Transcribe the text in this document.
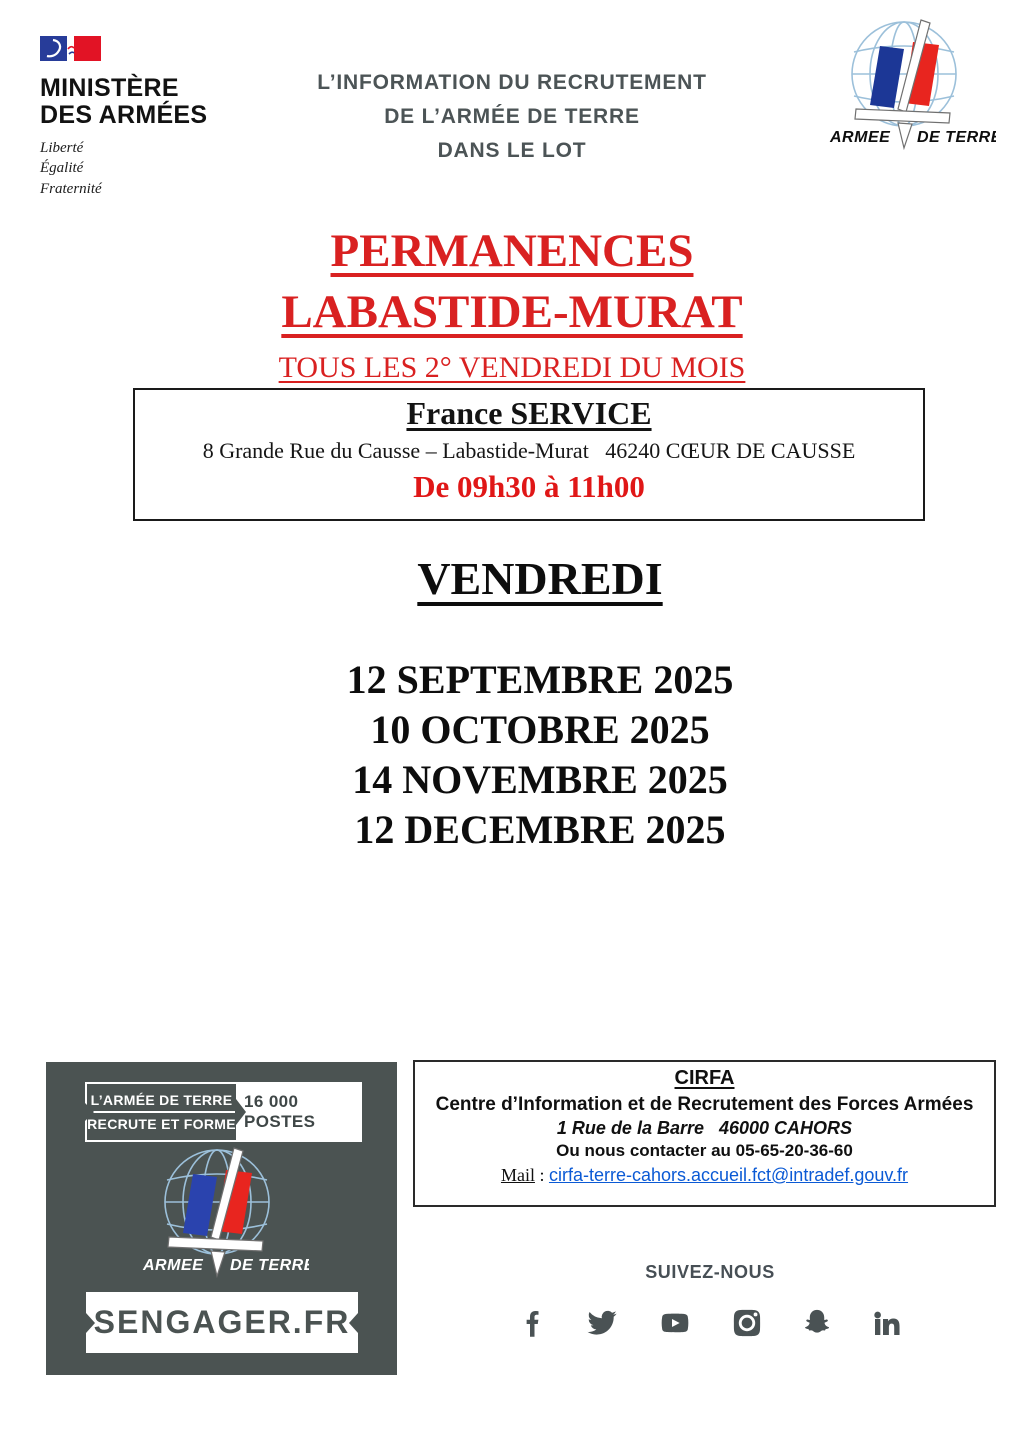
MINISTÈRE
DES ARMÉES
Liberté
Égalité
Fraternité
L’INFORMATION DU RECRUTEMENT
DE L’ARMÉE DE TERRE
DANS LE LOT
ARMEE DE TERRE
PERMANENCES
LABASTIDE-MURAT
TOUS LES 2° VENDREDI DU MOIS
France SERVICE
8 Grande Rue du Causse – Labastide-Murat   46240 CŒUR DE CAUSSE
De 09h30 à 11h00
VENDREDI
12 SEPTEMBRE 2025
10 OCTOBRE 2025
14 NOVEMBRE 2025
12 DECEMBRE 2025
L’ARMÉE DE TERRE
RECRUTE ET FORME
16 000 POSTES
ARMEE DE TERRE
SENGAGER.FR
CIRFA
Centre d’Information et de Recrutement des Forces Armées
1 Rue de la Barre   46000 CAHORS
Ou nous contacter au 05-65-20-36-60
Mail : cirfa-terre-cahors.accueil.fct@intradef.gouv.fr
SUIVEZ-NOUS
